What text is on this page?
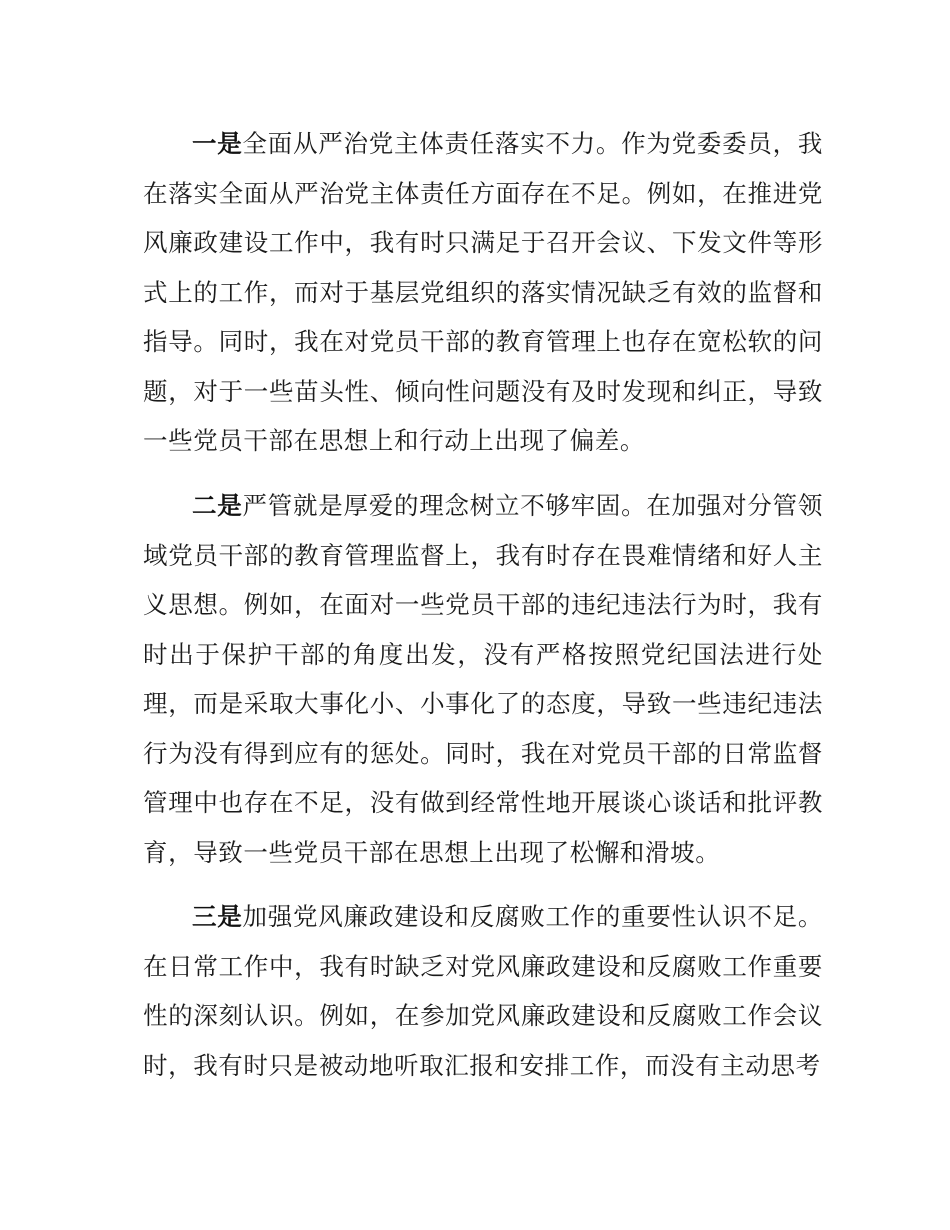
一是全面从严治党主体责任落实不力。作为党委委员，我在落实全面从严治党主体责任方面存在不足。例如，在推进党风廉政建设工作中，我有时只满足于召开会议、下发文件等形式上的工作，而对于基层党组织的落实情况缺乏有效的监督和指导。同时，我在对党员干部的教育管理上也存在宽松软的问题，对于一些苗头性、倾向性问题没有及时发现和纠正，导致一些党员干部在思想上和行动上出现了偏差。

二是严管就是厚爱的理念树立不够牢固。在加强对分管领域党员干部的教育管理监督上，我有时存在畏难情绪和好人主义思想。例如，在面对一些党员干部的违纪违法行为时，我有时出于保护干部的角度出发，没有严格按照党纪国法进行处理，而是采取大事化小、小事化了的态度，导致一些违纪违法行为没有得到应有的惩处。同时，我在对党员干部的日常监督管理中也存在不足，没有做到经常性地开展谈心谈话和批评教育，导致一些党员干部在思想上出现了松懈和滑坡。

三是加强党风廉政建设和反腐败工作的重要性认识不足。在日常工作中，我有时缺乏对党风廉政建设和反腐败工作重要性的深刻认识。例如，在参加党风廉政建设和反腐败工作会议时，我有时只是被动地听取汇报和安排工作，而没有主动思考
